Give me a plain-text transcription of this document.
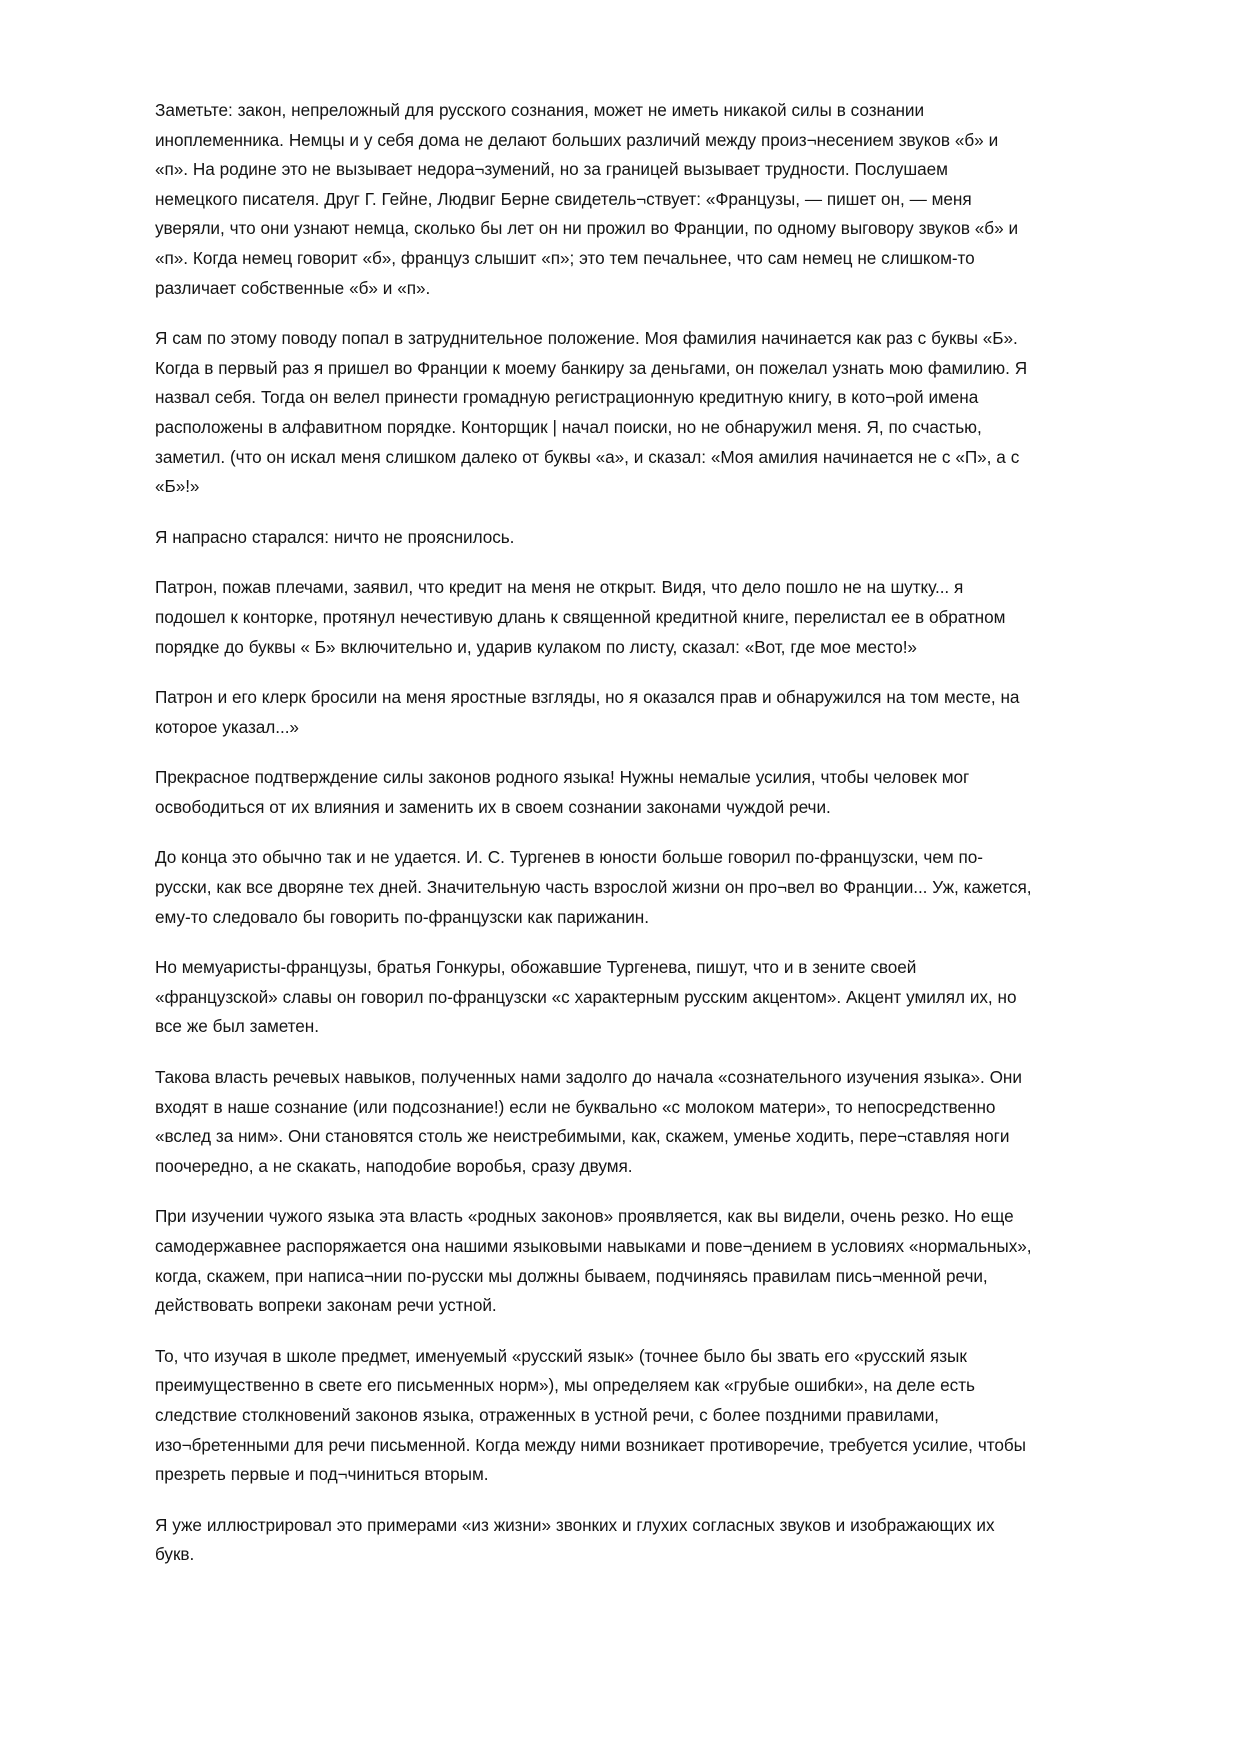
Заметьте: закон, непреложный для русского сознания, может не иметь никакой силы в сознании иноплеменника. Немцы и у себя дома не делают больших различий между произ¬несением звуков «б» и «п». На родине это не вызывает недора¬зумений, но за границей вызывает трудности. Послушаем немецкого писателя. Друг Г. Гейне, Людвиг Берне свидетель¬ствует: «Французы, — пишет он, — меня уверяли, что они узнают немца, сколько бы лет он ни прожил во Франции, по одному выговору звуков «б» и «п». Когда немец говорит «б», француз слышит «п»; это тем печальнее, что сам немец не слишком-то различает собственные «б» и «п».

Я сам по этому поводу попал в затруднительное положение. Моя фамилия начинается как раз с буквы «Б». Когда в первый раз я пришел во Франции к моему банкиру за деньгами, он пожелал узнать мою фамилию. Я назвал себя. Тогда он велел принести громадную регистрационную кредитную книгу, в кото¬рой имена расположены в алфавитном порядке. Конторщик | начал поиски, но не обнаружил меня. Я, по счастью, заметил. (что он искал меня слишком далеко от буквы «а», и сказал: «Моя амилия начинается не с «П», а с «Б»!»

Я напрасно старался: ничто не прояснилось.

Патрон, пожав плечами, заявил, что кредит на меня не открыт. Видя, что дело пошло не на шутку... я подошел к конторке, протянул нечестивую длань к священной кредитной книге, перелистал ее в обратном порядке до буквы « Б» включительно и, ударив кулаком по листу, сказал: «Вот, где мое место!»

Патрон и его клерк бросили на меня яростные взгляды, но я оказался прав и обнаружился на том месте, на которое указал...»

Прекрасное подтверждение силы законов родного языка! Нужны немалые усилия, чтобы человек мог освободиться от их влияния и заменить их в своем сознании законами чуждой речи.

До конца это обычно так и не удается. И. С. Тургенев в юности больше говорил по-французски, чем по-русски, как все дворяне тех дней. Значительную часть взрослой жизни он про¬вел во Франции... Уж, кажется, ему-то следовало бы говорить по-французски как парижанин.

Но мемуаристы-французы, братья Гонкуры, обожавшие Тургенева, пишут, что и в зените своей «французской» славы он говорил по-французски «с характерным русским акцентом». Акцент умилял их, но все же был заметен.

Такова власть речевых навыков, полученных нами задолго до начала «сознательного изучения языка». Они входят в наше сознание (или подсознание!) если не буквально «с молоком матери», то непосредственно «вслед за ним». Они становятся столь же неистребимыми, как, скажем, уменье ходить, пере¬ставляя ноги поочередно, а не скакать, наподобие воробья, сразу двумя.

При изучении чужого языка эта власть «родных законов» проявляется, как вы видели, очень резко. Но еще самодержавнее распоряжается она нашими языковыми навыками и пове¬дением в условиях «нормальных», когда, скажем, при написа¬нии по-русски мы должны бываем, подчиняясь правилам пись¬менной речи, действовать вопреки законам речи устной.

То, что изучая в школе предмет, именуемый «русский язык» (точнее было бы звать его «русский язык преимущественно в свете его письменных норм»), мы определяем как «грубые ошибки», на деле есть следствие столкновений законов языка, отраженных в устной речи, с более поздними правилами, изо¬бретенными для речи письменной. Когда между ними возникает противоречие, требуется усилие, чтобы презреть первые и под¬чиниться вторым.

Я уже иллюстрировал это примерами «из жизни» звонких и глухих согласных звуков и изображающих их букв.
